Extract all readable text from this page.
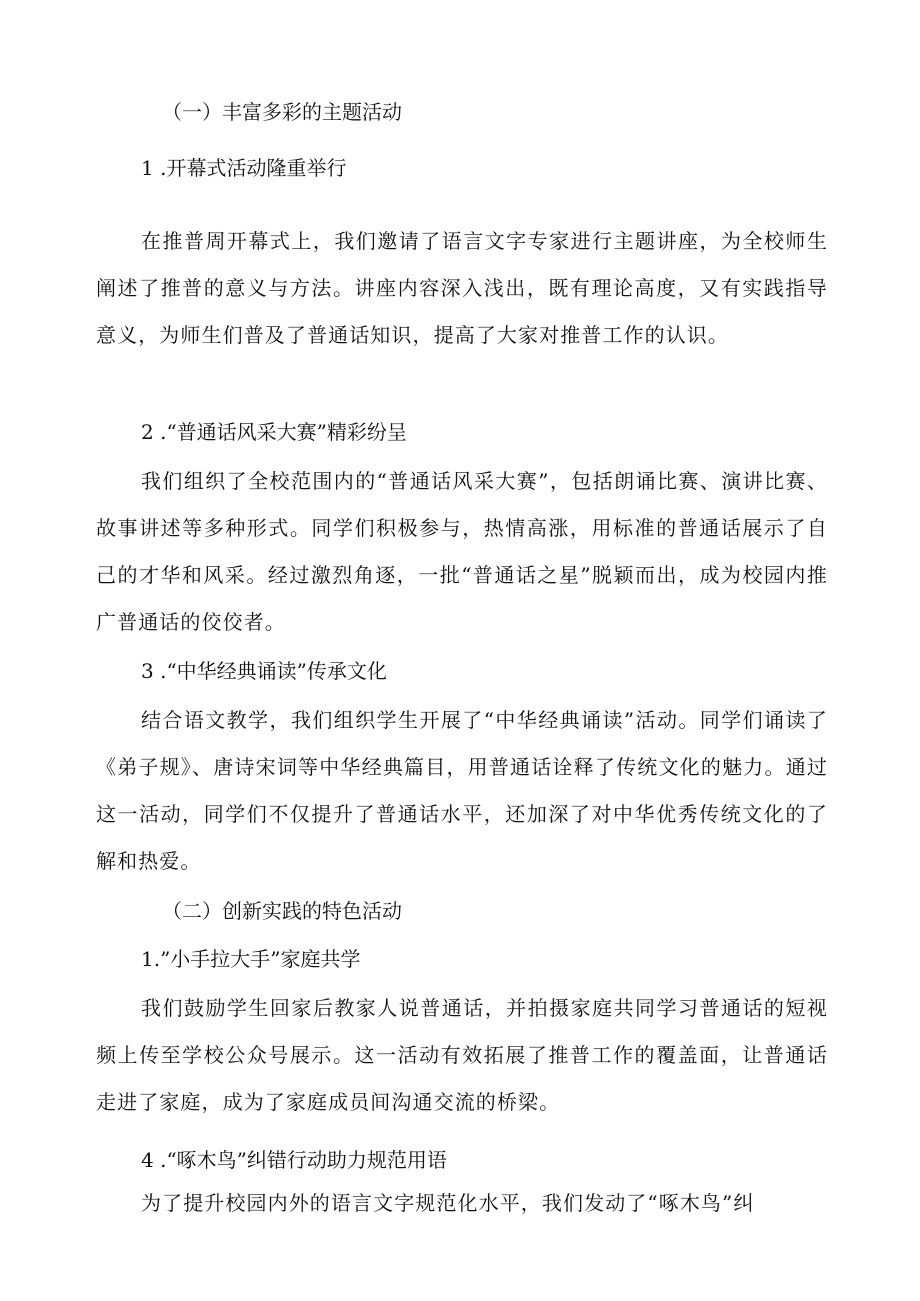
（一）丰富多彩的主题活动
1 .开幕式活动隆重举行
在推普周开幕式上，我们邀请了语言文字专家进行主题讲座，为全校师生阐述了推普的意义与方法。讲座内容深入浅出，既有理论高度，又有实践指导意义，为师生们普及了普通话知识，提高了大家对推普工作的认识。
2 .“普通话风采大赛”精彩纷呈
我们组织了全校范围内的“普通话风采大赛”，包括朗诵比赛、演讲比赛、故事讲述等多种形式。同学们积极参与，热情高涨，用标准的普通话展示了自己的才华和风采。经过激烈角逐，一批“普通话之星”脱颖而出，成为校园内推广普通话的佼佼者。
3 .“中华经典诵读”传承文化
结合语文教学，我们组织学生开展了“中华经典诵读”活动。同学们诵读了《弟子规》、唐诗宋词等中华经典篇目，用普通话诠释了传统文化的魅力。通过这一活动，同学们不仅提升了普通话水平，还加深了对中华优秀传统文化的了解和热爱。
（二）创新实践的特色活动
1.”小手拉大手”家庭共学
我们鼓励学生回家后教家人说普通话，并拍摄家庭共同学习普通话的短视频上传至学校公众号展示。这一活动有效拓展了推普工作的覆盖面，让普通话走进了家庭，成为了家庭成员间沟通交流的桥梁。
4 .“啄木鸟”纠错行动助力规范用语
为了提升校园内外的语言文字规范化水平，我们发动了“啄木鸟”纠
